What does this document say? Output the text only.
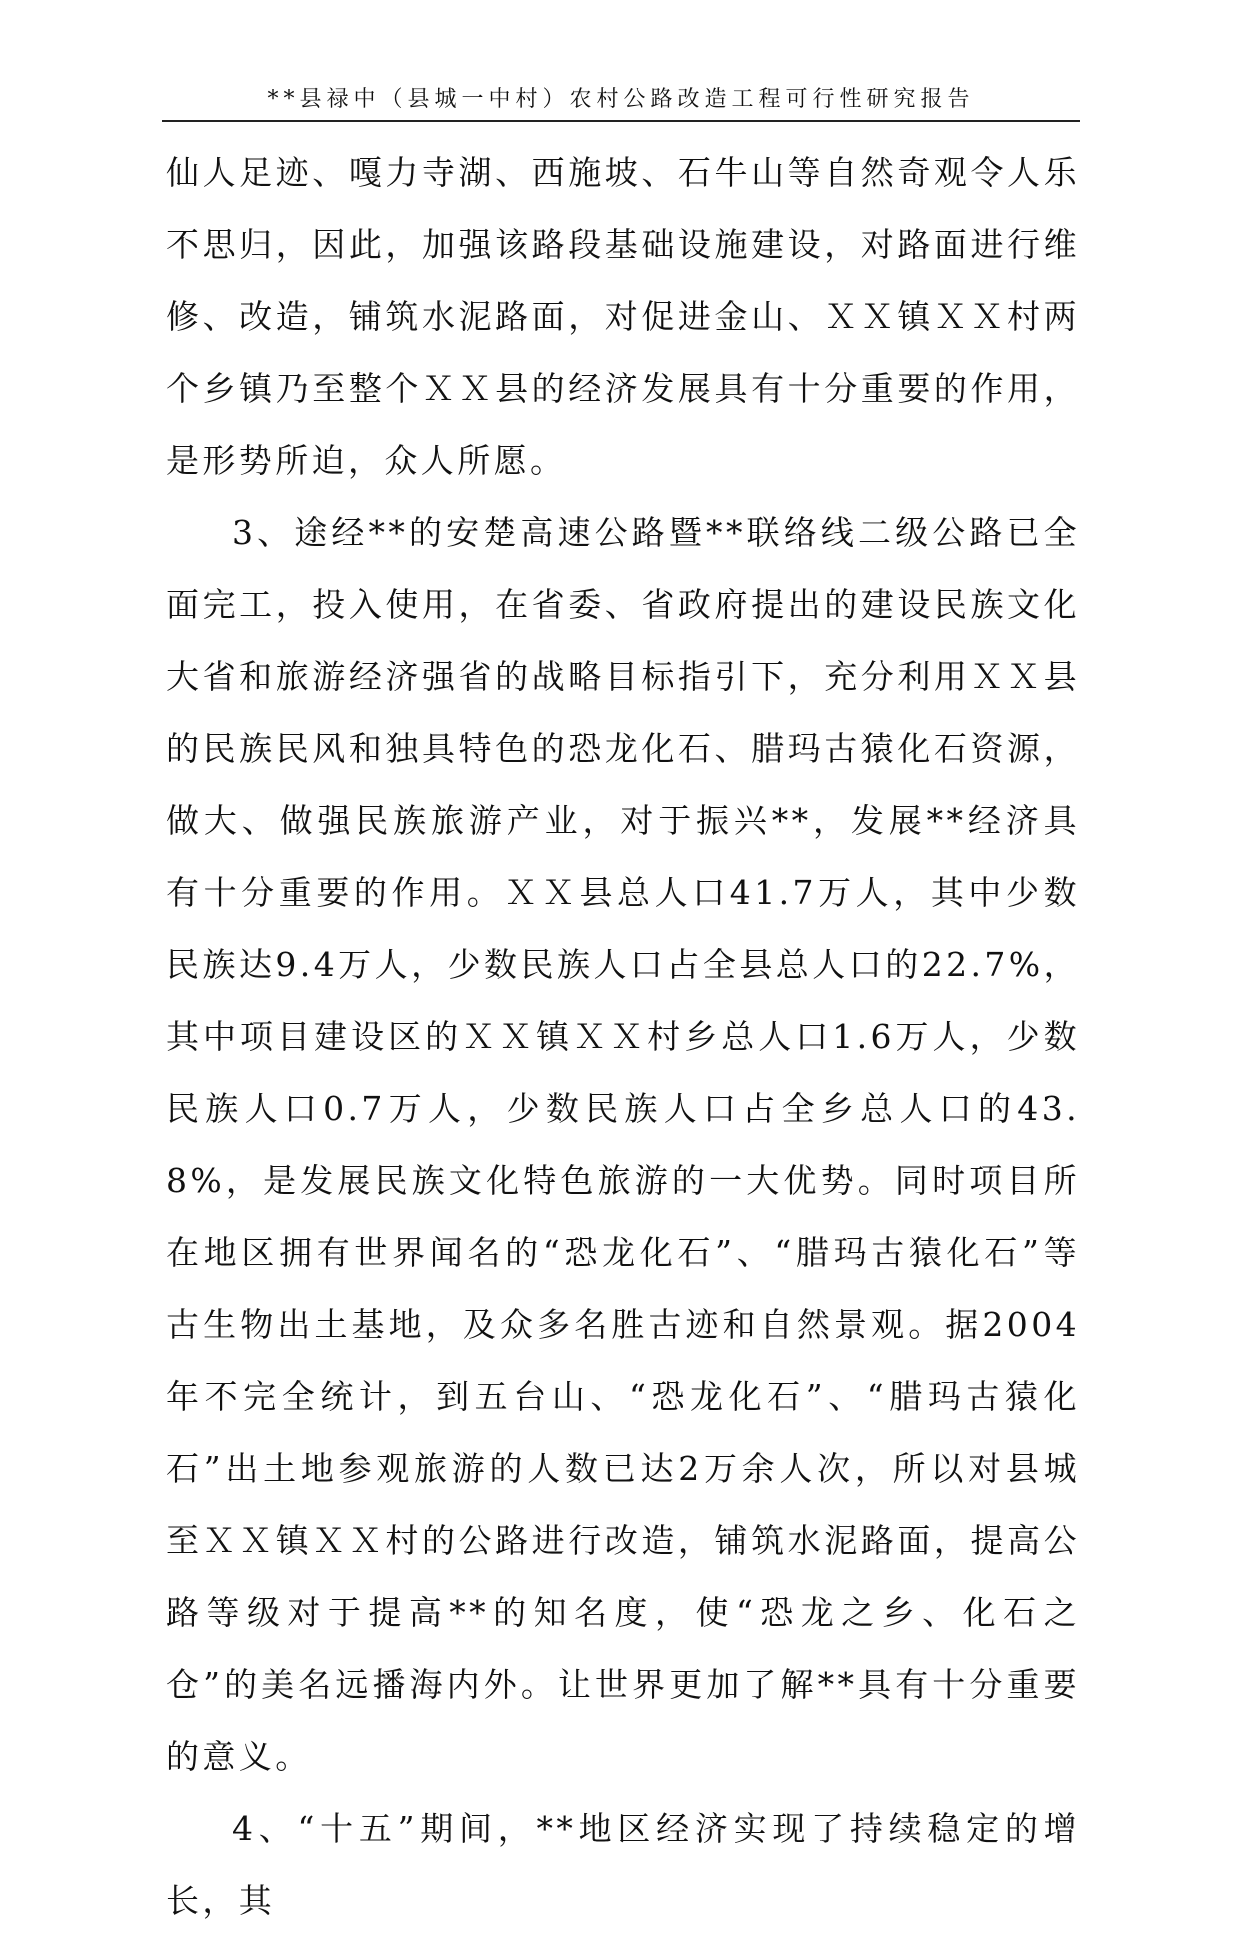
**县禄中（县城一中村）农村公路改造工程可行性研究报告

仙人足迹、嘎力寺湖、西施坡、石牛山等自然奇观令人乐不思归，因此，加强该路段基础设施建设，对路面进行维修、改造，铺筑水泥路面，对促进金山、ＸＸ镇ＸＸ村两个乡镇乃至整个ＸＸ县的经济发展具有十分重要的作用，是形势所迫，众人所愿。

3、途经**的安楚高速公路暨**联络线二级公路已全面完工，投入使用，在省委、省政府提出的建设民族文化大省和旅游经济强省的战略目标指引下，充分利用ＸＸ县的民族民风和独具特色的恐龙化石、腊玛古猿化石资源，做大、做强民族旅游产业，对于振兴**，发展**经济具有十分重要的作用。ＸＸ县总人口41.7万人，其中少数民族达9.4万人，少数民族人口占全县总人口的22.7%，其中项目建设区的ＸＸ镇ＸＸ村乡总人口1.6万人，少数民族人口0.7万人，少数民族人口占全乡总人口的43.8%，是发展民族文化特色旅游的一大优势。同时项目所在地区拥有世界闻名的“恐龙化石”、“腊玛古猿化石”等古生物出土基地，及众多名胜古迹和自然景观。据2004年不完全统计，到五台山、“恐龙化石”、“腊玛古猿化石”出土地参观旅游的人数已达2万余人次，所以对县城至ＸＸ镇ＸＸ村的公路进行改造，铺筑水泥路面，提高公路等级对于提高**的知名度，使“恐龙之乡、化石之仓”的美名远播海内外。让世界更加了解**具有十分重要的意义。

4、“十五”期间，**地区经济实现了持续稳定的增长，其
